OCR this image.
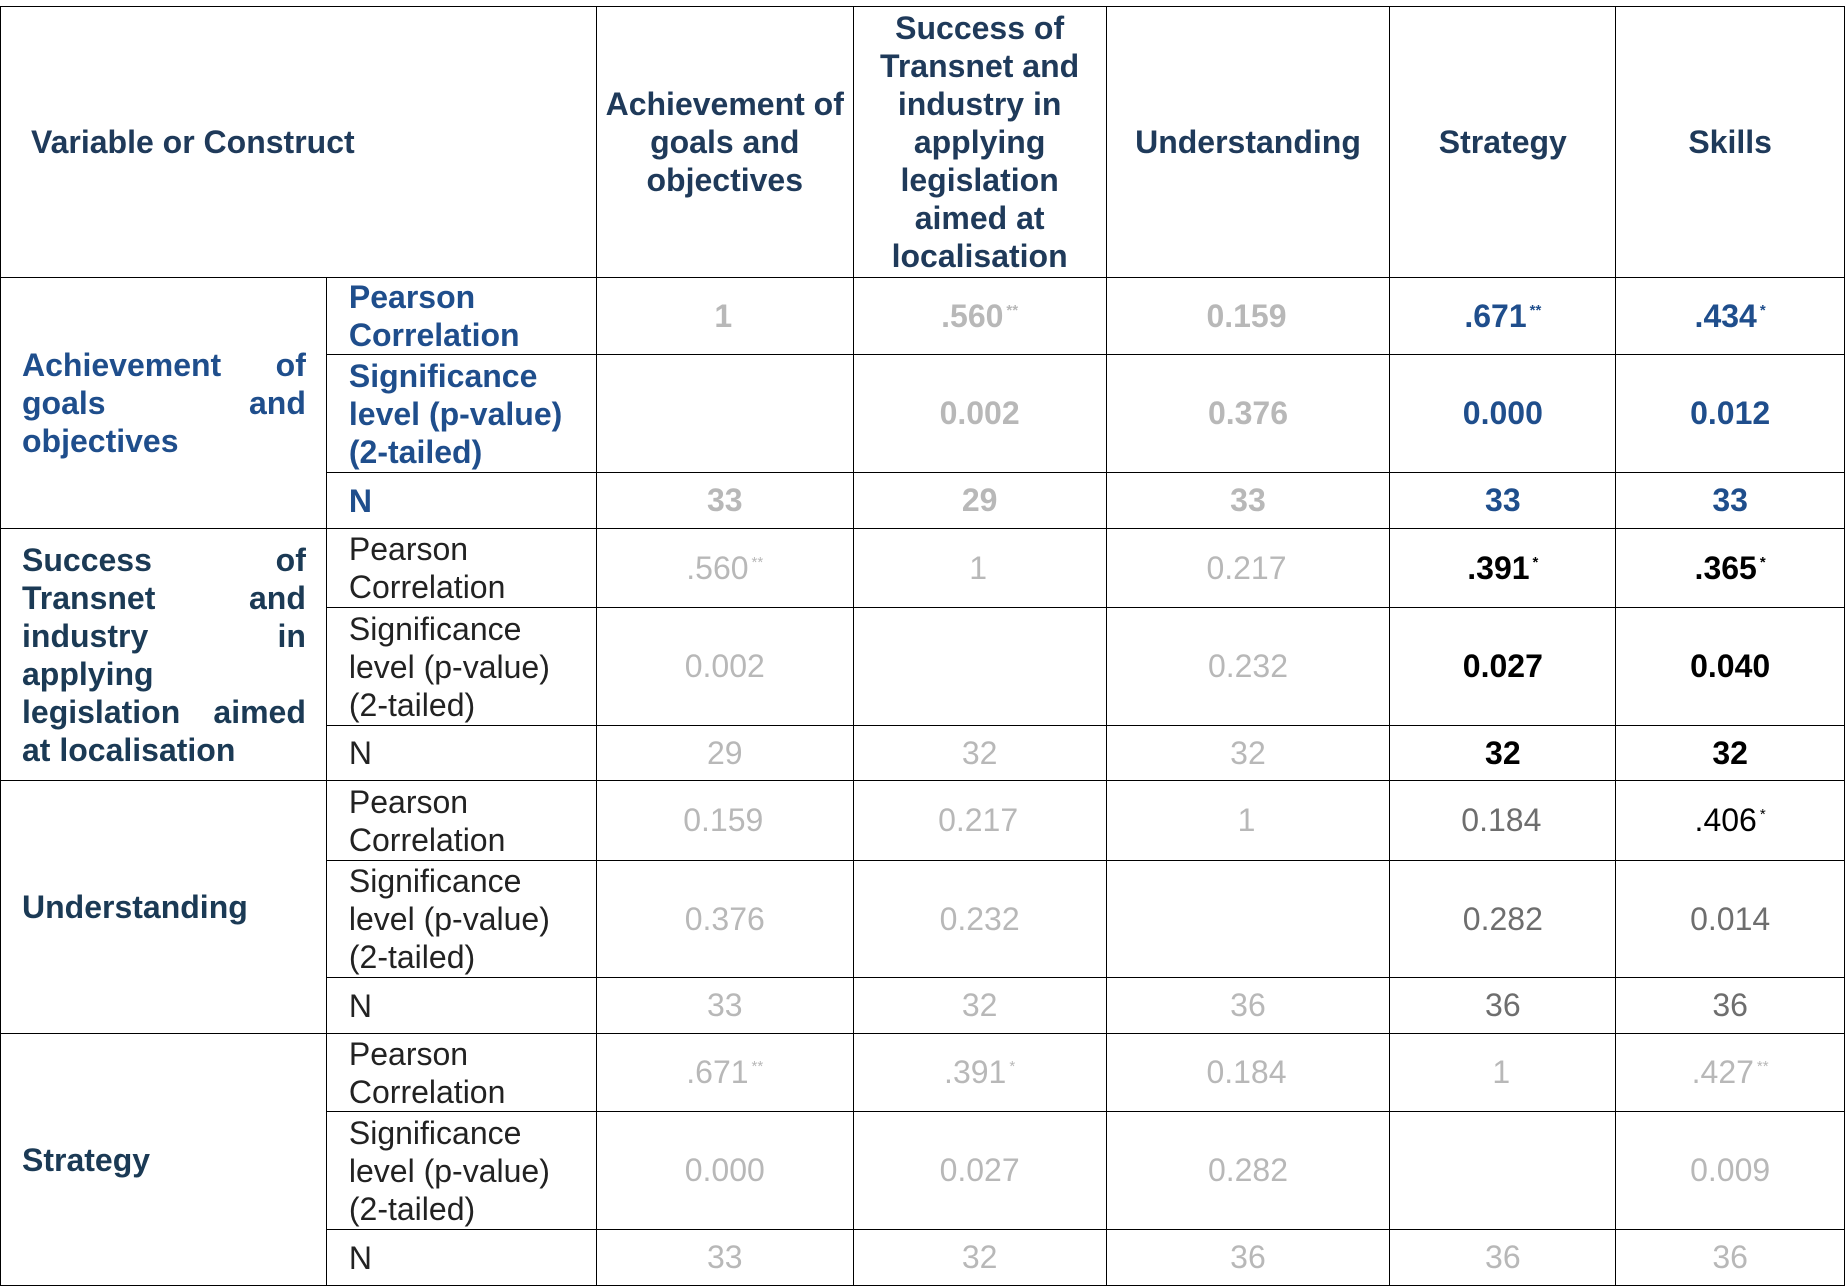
Variable or Construct		Achievement of goals and objectives	Success of Transnet and industry in applying legislation aimed at localisation	Understanding	Strategy	Skills
Achievement of goals and objectives	Pearson Correlation	1	.560 **	0.159	.671 **	.434 *
	Significance level (p-value) (2-tailed)		0.002	0.376	0.000	0.012
	N	33	29	33	33	33
Success of Transnet and industry in applying legislation aimed at localisation	Pearson Correlation	.560 **	1	0.217	.391 *	.365 *
	Significance level (p-value) (2-tailed)	0.002		0.232	0.027	0.040
	N	29	32	32	32	32
Understanding	Pearson Correlation	0.159	0.217	1	0.184	.406 *
	Significance level (p-value) (2-tailed)	0.376	0.232		0.282	0.014
	N	33	32	36	36	36
Strategy	Pearson Correlation	.671 **	.391 *	0.184	1	.427 **
	Significance level (p-value) (2-tailed)	0.000	0.027	0.282		0.009
	N	33	32	36	36	36
